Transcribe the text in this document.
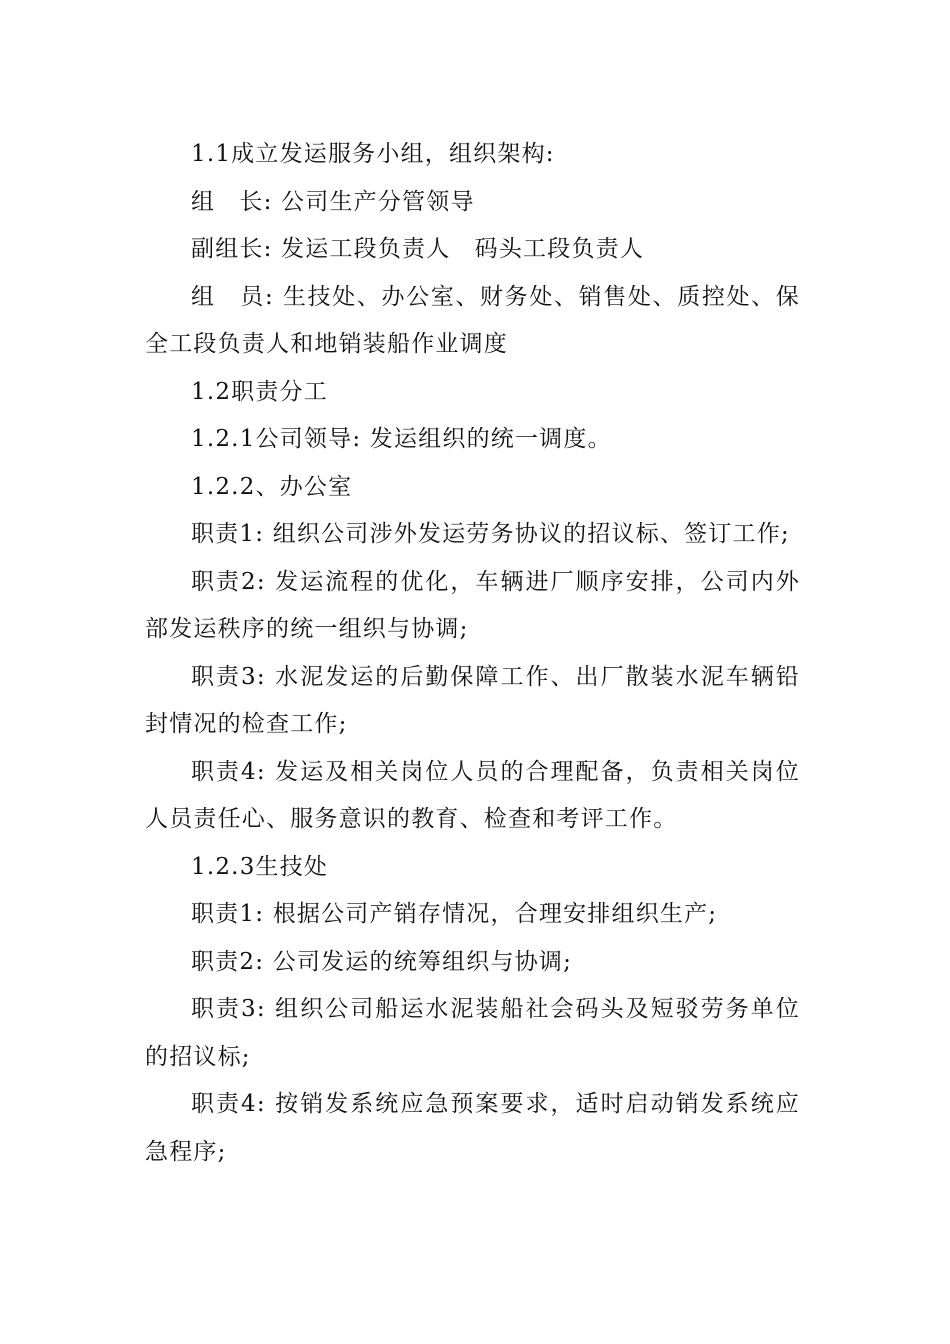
1.1成立发运服务小组，组织架构:

组　长: 公司生产分管领导

副组长: 发运工段负责人　码头工段负责人

组　员: 生技处、办公室、财务处、销售处、质控处、保全工段负责人和地销装船作业调度

1.2职责分工

1.2.1公司领导: 发运组织的统一调度。

1.2.2、办公室

职责1: 组织公司涉外发运劳务协议的招议标、签订工作;

职责2: 发运流程的优化，车辆进厂顺序安排，公司内外部发运秩序的统一组织与协调;

职责3: 水泥发运的后勤保障工作、出厂散装水泥车辆铅封情况的检查工作;

职责4: 发运及相关岗位人员的合理配备，负责相关岗位人员责任心、服务意识的教育、检查和考评工作。

1.2.3生技处

职责1: 根据公司产销存情况，合理安排组织生产;

职责2: 公司发运的统筹组织与协调;

职责3: 组织公司船运水泥装船社会码头及短驳劳务单位的招议标;

职责4: 按销发系统应急预案要求，适时启动销发系统应急程序;
